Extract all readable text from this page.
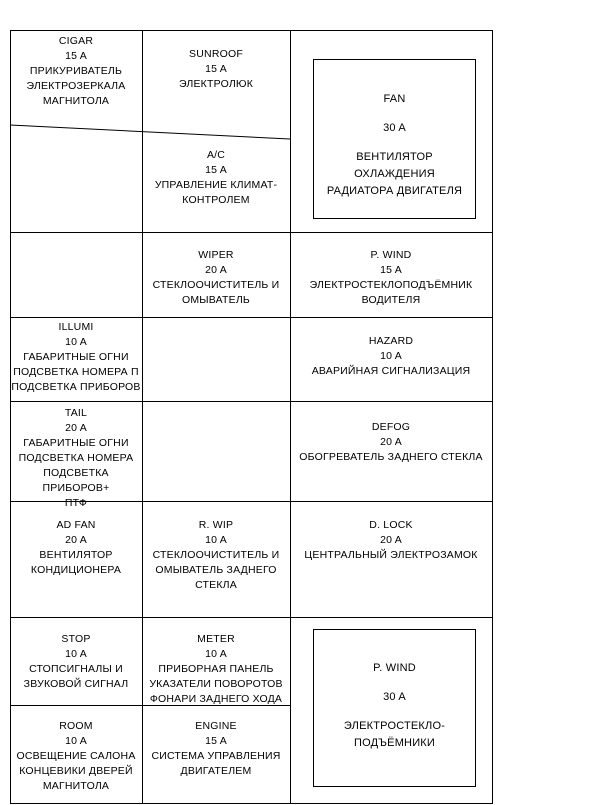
CIGAR
15 A
ПРИКУРИВАТЕЛЬ
ЭЛЕКТРОЗЕРКАЛА
МАГНИТОЛА
SUNROOF
15 A
ЭЛЕКТРОЛЮК
FAN
30 A
ВЕНТИЛЯТОР
ОХЛАЖДЕНИЯ
РАДИАТОРА ДВИГАТЕЛЯ
A/C
15 A
УПРАВЛЕНИЕ КЛИМАТ-
КОНТРОЛЕМ
WIPER
20 A
СТЕКЛООЧИСТИТЕЛЬ И
ОМЫВАТЕЛЬ
P. WIND
15 A
ЭЛЕКТРОСТЕКЛОПОДЪЁМНИК
ВОДИТЕЛЯ
ILLUMI
10 A
ГАБАРИТНЫЕ ОГНИ
ПОДСВЕТКА НОМЕРА П
ПОДСВЕТКА ПРИБОРОВ
HAZARD
10 A
АВАРИЙНАЯ СИГНАЛИЗАЦИЯ
TAIL
20 A
ГАБАРИТНЫЕ ОГНИ
ПОДСВЕТКА НОМЕРА
ПОДСВЕТКА ПРИБОРОВ+
ПТФ
DEFOG
20 A
ОБОГРЕВАТЕЛЬ ЗАДНЕГО СТЕКЛА
AD FAN
20 A
ВЕНТИЛЯТОР
КОНДИЦИОНЕРА
R. WIP
10 A
СТЕКЛООЧИСТИТЕЛЬ И
ОМЫВАТЕЛЬ ЗАДНЕГО
СТЕКЛА
D. LOCK
20 A
ЦЕНТРАЛЬНЫЙ ЭЛЕКТРОЗАМОК
STOP
10 A
СТОПСИГНАЛЫ И
ЗВУКОВОЙ СИГНАЛ
METER
10 A
ПРИБОРНАЯ ПАНЕЛЬ
УКАЗАТЕЛИ ПОВОРОТОВ
ФОНАРИ ЗАДНЕГО ХОДА
P. WIND
30 A
ЭЛЕКТРОСТЕКЛО-
ПОДЪЁМНИКИ
ROOM
10 A
ОСВЕЩЕНИЕ САЛОНА
КОНЦЕВИКИ ДВЕРЕЙ
МАГНИТОЛА
ENGINE
15 A
СИСТЕМА УПРАВЛЕНИЯ
ДВИГАТЕЛЕМ
